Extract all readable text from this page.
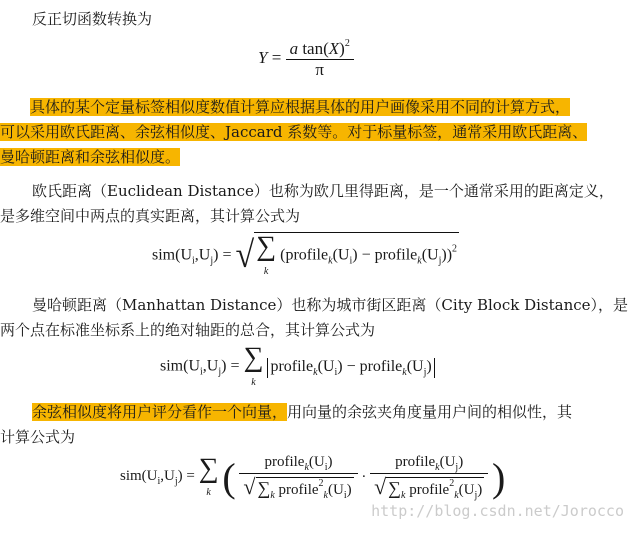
反正切函数转换为
$Y = \frac{a \tan(X)^2}{\pi}$
具体的某个定量标签相似度数值计算应根据具体的用户画像采用不同的计算方式，
可以采用欧氏距离、余弦相似度、Jaccard 系数等。对于标量标签，通常采用欧氏距离、
曼哈顿距离和余弦相似度。
欧氏距离（Euclidean Distance）也称为欧几里得距离，是一个通常采用的距离定义，
是多维空间中两点的真实距离，其计算公式为
$sim(U_i,U_j)$ = √∑
k ($profile_k(U_i)$ − $profile_k(U_j))^2$
曼哈顿距离（Manhattan Distance）也称为城市街区距离（City Block Distance），是
两个点在标准坐标系上的绝对轴距的总合，其计算公式为
$sim(U_i,U_j)$ = ∑
k $profile_k(U_i)$ − $profile_k(U_j)$
余弦相似度将用户评分看作一个向量，用向量的余弦夹角度量用户间的相似性，其
计算公式为
$sim(U_i,U_j)$ = ∑
k ( $\frac{profile_k(U_i)}{√ \sum_k profile^2_k(U_i)} \cdot \frac{profile_k(U_j)}{√ \sum_k profile^2_k(U_j)}$ )
http://blog.csdn.net/Jorocco
